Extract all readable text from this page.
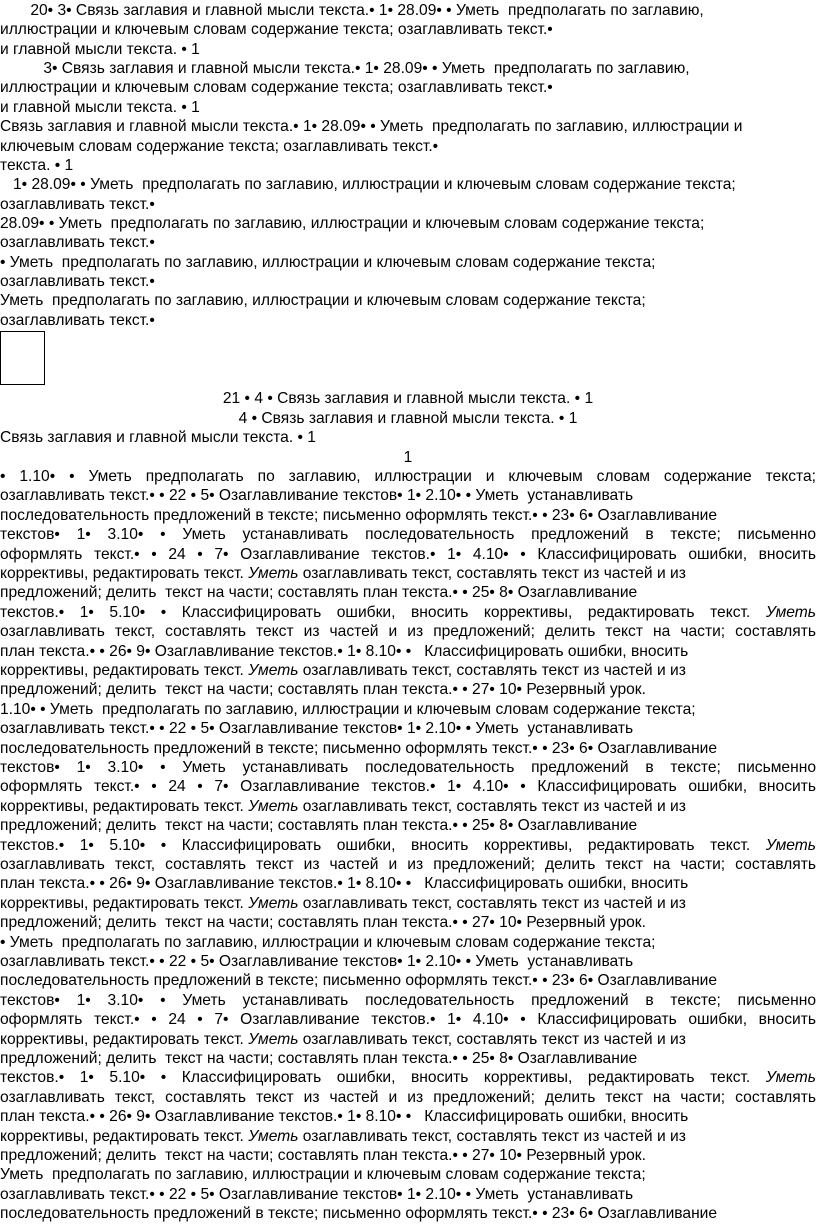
20• 3• Связь заглавия и главной мысли текста.• 1• 28.09• • Уметь  предполагать по заглавию,
иллюстрации и ключевым словам содержание текста; озаглавливать текст.•
и главной мысли текста. • 1
3• Связь заглавия и главной мысли текста.• 1• 28.09• • Уметь  предполагать по заглавию,
иллюстрации и ключевым словам содержание текста; озаглавливать текст.•
и главной мысли текста. • 1
Связь заглавия и главной мысли текста.• 1• 28.09• • Уметь  предполагать по заглавию, иллюстрации и
ключевым словам содержание текста; озаглавливать текст.•
текста. • 1
1• 28.09• • Уметь  предполагать по заглавию, иллюстрации и ключевым словам содержание текста;
озаглавливать текст.•
28.09• • Уметь  предполагать по заглавию, иллюстрации и ключевым словам содержание текста;
озаглавливать текст.•
• Уметь  предполагать по заглавию, иллюстрации и ключевым словам содержание текста;
озаглавливать текст.•
Уметь  предполагать по заглавию, иллюстрации и ключевым словам содержание текста;
озаглавливать текст.•
21 • 4 • Связь заглавия и главной мысли текста. • 1
4 • Связь заглавия и главной мысли текста. • 1
Связь заглавия и главной мысли текста. • 1
1
• 1.10• • Уметь предполагать по заглавию, иллюстрации и ключевым словам содержание текста;
озаглавливать текст.• • 22 • 5• Озаглавливание текстов• 1• 2.10• • Уметь  устанавливать
последовательность предложений в тексте; письменно оформлять текст.• • 23• 6• Озаглавливание
текстов• 1• 3.10• • Уметь устанавливать последовательность предложений в тексте; письменно
оформлять текст.• • 24 • 7• Озаглавливание текстов.• 1• 4.10• • Классифицировать ошибки, вносить
коррективы, редактировать текст. Уметь озаглавливать текст, составлять текст из частей и из
предложений; делить  текст на части; составлять план текста.• • 25• 8• Озаглавливание
текстов.• 1• 5.10• • Классифицировать ошибки, вносить коррективы, редактировать текст. Уметь
озаглавливать текст, составлять текст из частей и из предложений; делить текст на части; составлять
план текста.• • 26• 9• Озаглавливание текстов.• 1• 8.10• •   Классифицировать ошибки, вносить
коррективы, редактировать текст. Уметь озаглавливать текст, составлять текст из частей и из
предложений; делить  текст на части; составлять план текста.• • 27• 10• Резервный урок.
1.10• • Уметь  предполагать по заглавию, иллюстрации и ключевым словам содержание текста;
озаглавливать текст.• • 22 • 5• Озаглавливание текстов• 1• 2.10• • Уметь  устанавливать
последовательность предложений в тексте; письменно оформлять текст.• • 23• 6• Озаглавливание
текстов• 1• 3.10• • Уметь устанавливать последовательность предложений в тексте; письменно
оформлять текст.• • 24 • 7• Озаглавливание текстов.• 1• 4.10• • Классифицировать ошибки, вносить
коррективы, редактировать текст. Уметь озаглавливать текст, составлять текст из частей и из
предложений; делить  текст на части; составлять план текста.• • 25• 8• Озаглавливание
текстов.• 1• 5.10• • Классифицировать ошибки, вносить коррективы, редактировать текст. Уметь
озаглавливать текст, составлять текст из частей и из предложений; делить текст на части; составлять
план текста.• • 26• 9• Озаглавливание текстов.• 1• 8.10• •   Классифицировать ошибки, вносить
коррективы, редактировать текст. Уметь озаглавливать текст, составлять текст из частей и из
предложений; делить  текст на части; составлять план текста.• • 27• 10• Резервный урок.
• Уметь  предполагать по заглавию, иллюстрации и ключевым словам содержание текста;
озаглавливать текст.• • 22 • 5• Озаглавливание текстов• 1• 2.10• • Уметь  устанавливать
последовательность предложений в тексте; письменно оформлять текст.• • 23• 6• Озаглавливание
текстов• 1• 3.10• • Уметь устанавливать последовательность предложений в тексте; письменно
оформлять текст.• • 24 • 7• Озаглавливание текстов.• 1• 4.10• • Классифицировать ошибки, вносить
коррективы, редактировать текст. Уметь озаглавливать текст, составлять текст из частей и из
предложений; делить  текст на части; составлять план текста.• • 25• 8• Озаглавливание
текстов.• 1• 5.10• • Классифицировать ошибки, вносить коррективы, редактировать текст. Уметь
озаглавливать текст, составлять текст из частей и из предложений; делить текст на части; составлять
план текста.• • 26• 9• Озаглавливание текстов.• 1• 8.10• •   Классифицировать ошибки, вносить
коррективы, редактировать текст. Уметь озаглавливать текст, составлять текст из частей и из
предложений; делить  текст на части; составлять план текста.• • 27• 10• Резервный урок.
Уметь  предполагать по заглавию, иллюстрации и ключевым словам содержание текста;
озаглавливать текст.• • 22 • 5• Озаглавливание текстов• 1• 2.10• • Уметь  устанавливать
последовательность предложений в тексте; письменно оформлять текст.• • 23• 6• Озаглавливание
